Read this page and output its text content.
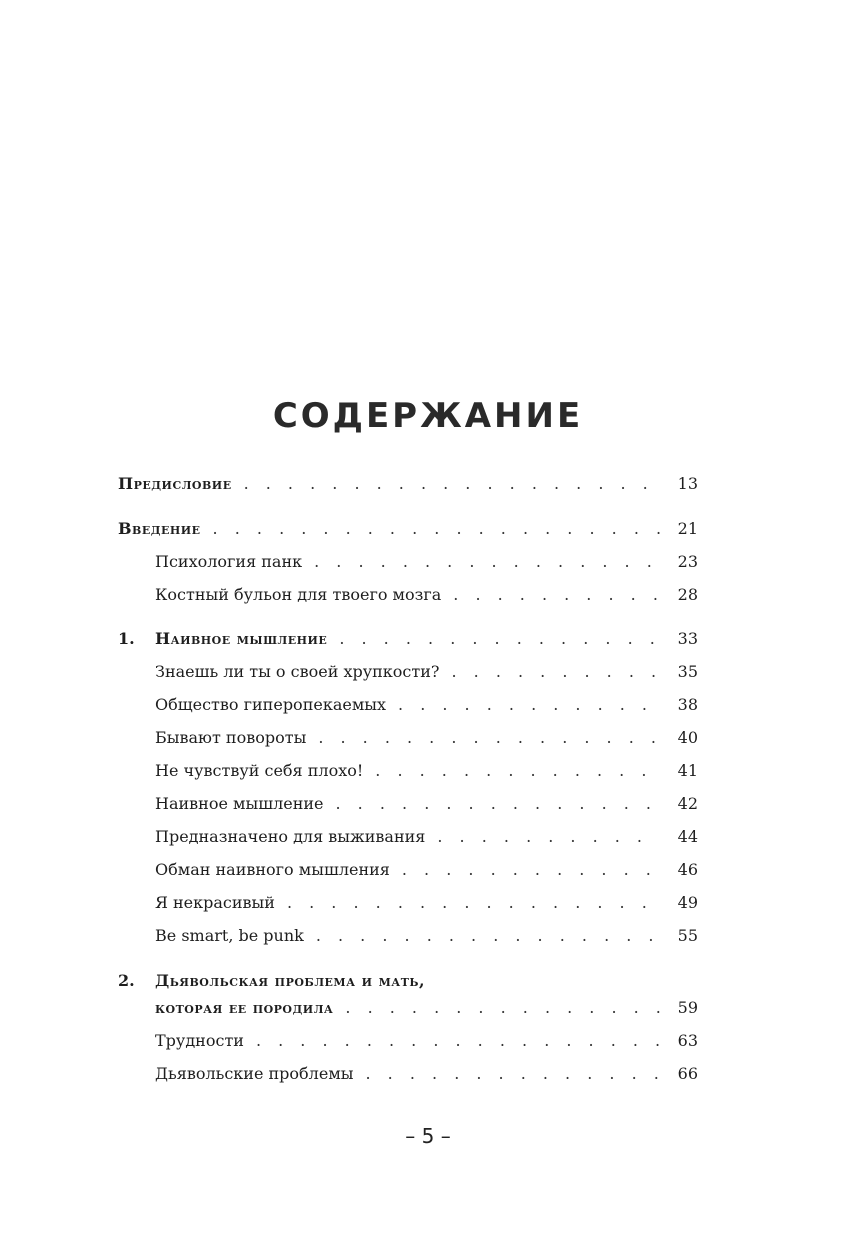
СОДЕРЖАНИЕ
Предисловие . . .	13
Введение . . .	21
Психология панк . . .	23
Костный бульон для твоего мозга . . .	28
1.	Наивное мышление . . .	33
Знаешь ли ты о своей хрупкости? . . .	35
Общество гиперопекаемых . . .	38
Бывают повороты . . .	40
Не чувствуй себя плохо! . . .	41
Наивное мышление . . .	42
Предназначено для выживания . . .	44
Обман наивного мышления . . .	46
Я некрасивый . . .	49
Be smart, be punk . . .	55
2.	Дьявольская проблема и мать,
которая ее породила . . .	59
Трудности . . .	63
Дьявольские проблемы . . .	66
– 5 –
